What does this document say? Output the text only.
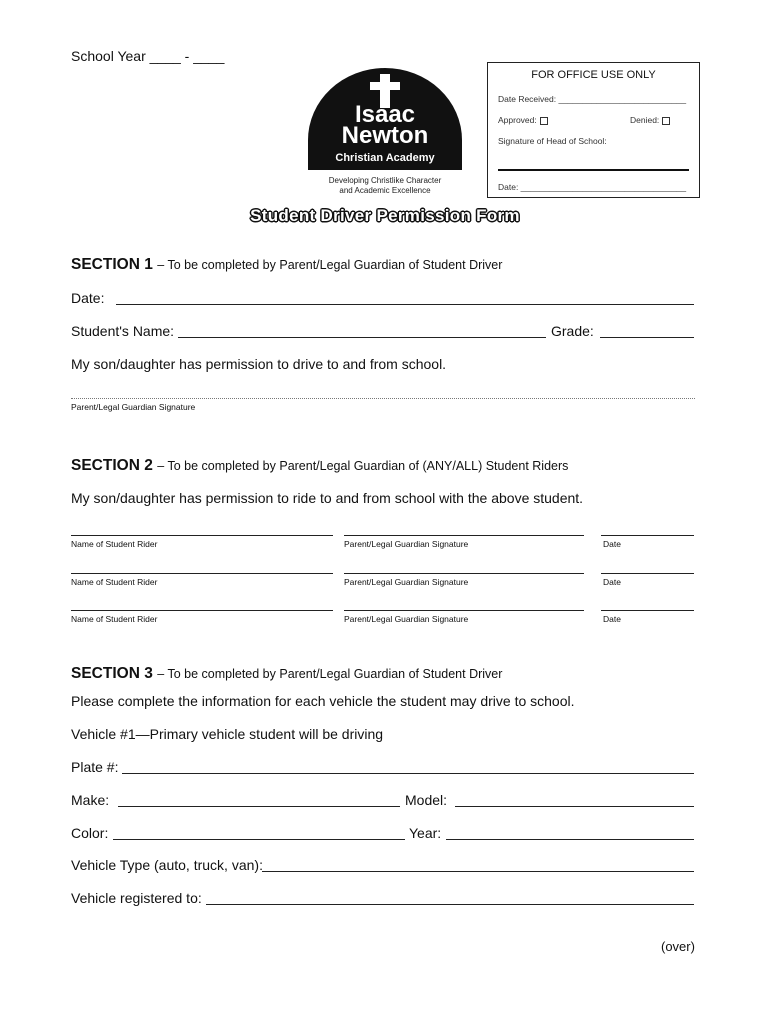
School Year ____ - ____
Isaac
Newton
Christian Academy
Developing Christlike Character
and Academic Excellence
FOR OFFICE USE ONLY
Date Received: ___________________________
Approved:	Denied:
Signature of Head of School:
Date: ___________________________________
Student Driver Permission Form
SECTION 1 – To be completed by Parent/Legal Guardian of Student Driver
Date:
Student's Name:	Grade:
My son/daughter has permission to drive to and from school.
Parent/Legal Guardian Signature
SECTION 2 – To be completed by Parent/Legal Guardian of (ANY/ALL) Student Riders
My son/daughter has permission to ride to and from school with the above student.
Name of Student Rider	Parent/Legal Guardian Signature	Date
Name of Student Rider	Parent/Legal Guardian Signature	Date
Name of Student Rider	Parent/Legal Guardian Signature	Date
SECTION 3 – To be completed by Parent/Legal Guardian of Student Driver
Please complete the information for each vehicle the student may drive to school.
Vehicle #1—Primary vehicle student will be driving
Plate #:
Make:	Model:
Color:	Year:
Vehicle Type (auto, truck, van):
Vehicle registered to:
(over)
